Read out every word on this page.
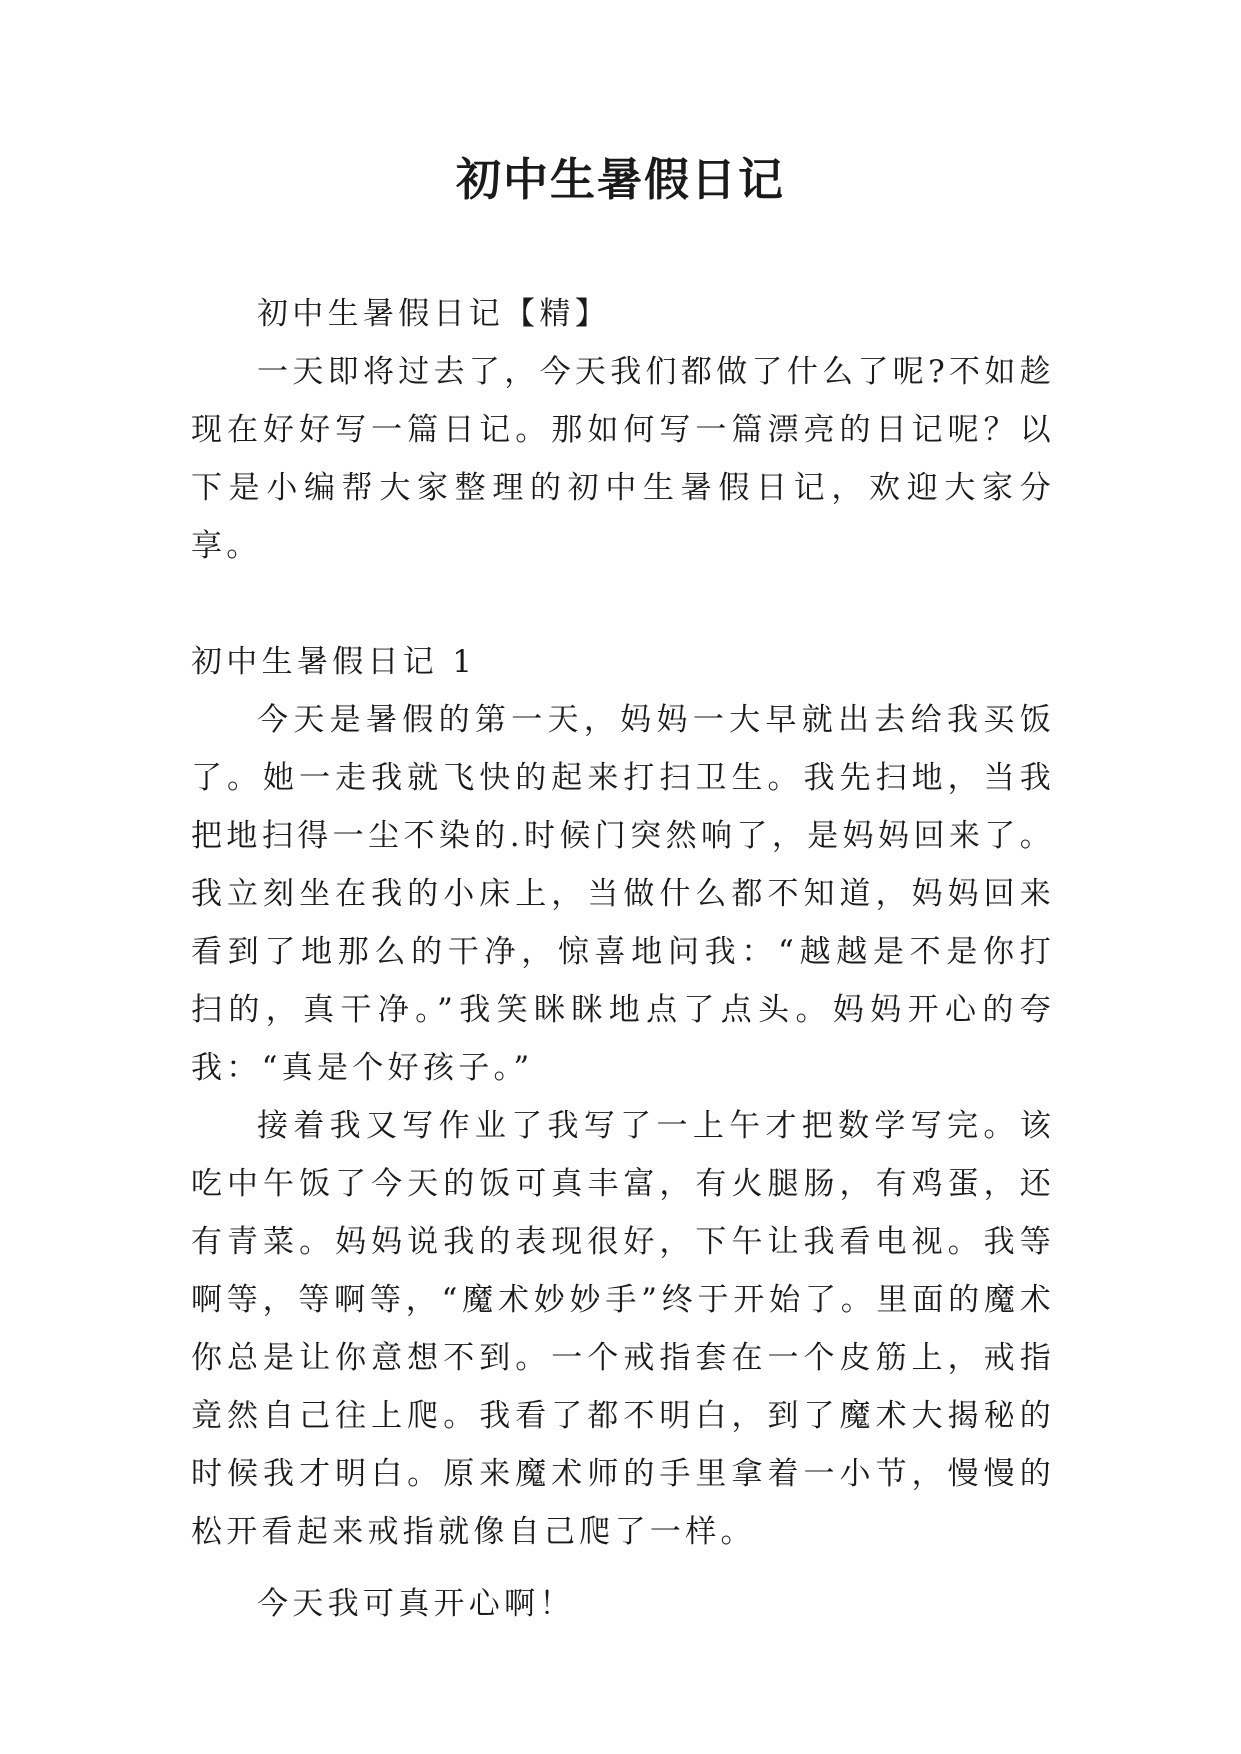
初中生暑假日记

初中生暑假日记【精】

一天即将过去了，今天我们都做了什么了呢?不如趁现在好好写一篇日记。那如何写一篇漂亮的日记呢？以下是小编帮大家整理的初中生暑假日记，欢迎大家分享。

初中生暑假日记 1

今天是暑假的第一天，妈妈一大早就出去给我买饭了。她一走我就飞快的起来打扫卫生。我先扫地，当我把地扫得一尘不染的.时候门突然响了，是妈妈回来了。我立刻坐在我的小床上，当做什么都不知道，妈妈回来看到了地那么的干净，惊喜地问我：“越越是不是你打扫的，真干净。”我笑眯眯地点了点头。妈妈开心的夸我：“真是个好孩子。”

接着我又写作业了我写了一上午才把数学写完。该吃中午饭了今天的饭可真丰富，有火腿肠，有鸡蛋，还有青菜。妈妈说我的表现很好，下午让我看电视。我等啊等，等啊等，“魔术妙妙手”终于开始了。里面的魔术你总是让你意想不到。一个戒指套在一个皮筋上，戒指竟然自己往上爬。我看了都不明白，到了魔术大揭秘的时候我才明白。原来魔术师的手里拿着一小节，慢慢的松开看起来戒指就像自己爬了一样。

今天我可真开心啊！
